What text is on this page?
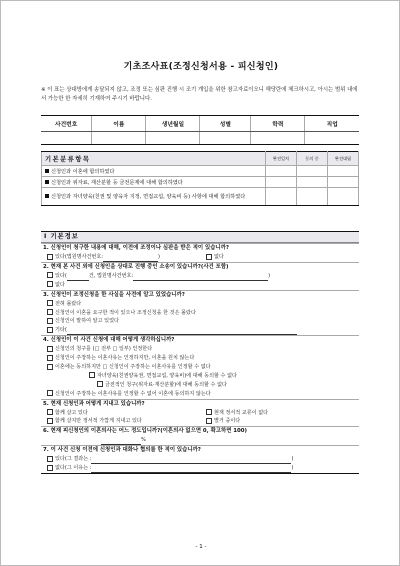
기초조사표(조정신청서용 - 피신청인)
※ 이 표는 상대방에게 송달되지 않고, 조정 또는 심판 진행 시 조기 개입을 위한 참고자료이오니 해당란에 체크하시고, 아시는 범위 내에서 가능한 한 자세히 기재하여 주시기 바랍니다.
사건번호	이름	생년월일	성별	학력	직업

기본분류항목	완전일치	동의 중	완전대립
신청인과 이혼에 합의하였다			
신청인과 위자료, 재산분할 등 금전문제에 대해 합의하였다			
신청인과 자녀양육(친권 및 양육자 지정, 면접교섭, 양육비 등) 사항에 대해 합의하였다			
Ⅰ 기본정보
1. 신청인이 청구한 내용에 대해, 이전에 조정이나 심판을 받은 적이 있습니까?
있다(법원명사건번호:	)	없다
2. 현재 본 사건 외에 신청인을 상대로 진행 중인 소송이 있습니까?(사건 포함)
있다(	건, 법원명사건번호:	)
없다
3. 신청인이 조정신청을 한 사실을 사전에 알고 있었습니까?
전혀 몰랐다
신청인이 이혼을 요구한 적이 있으나 조정신청을 한 것은 몰랐다
신청인이 말하여 알고 있었다
기타(
4. 신청인이 이 사건 신청에 대해 어떻게 생각하십니까?
신청인의 청구를 (□ 전부 □ 일부) 인정한다
신청인이 주장하는 이혼사유는 인정하지만, 이혼을 원치 않는다
이혼에는 동의하지만 □ 신청인이 주장하는 이혼사유를 인정할 수 없다
자녀양육(친권양육권, 면접교섭, 양육비)에 대해 동의할 수 없다
금전적인 청구(위자료·재산분할)에 대해 동의할 수 없다
신청인이 주장하는 이혼사유를 인정할 수 없어 이혼에 동의하지 않는다
5. 현재 신청인과 어떻게 지내고 있습니까?
함께 살고 있다	현재 정서적 교류이 없다
함께 살지만 정서적 가깝게 지내고 있다	별거 중이다
6. 현재 피신청인의 이혼의사는 어느 정도입니까?(이혼의사 없으면 0, 확고하면 100)
%
7. 이 사건 신청 이전에 신청인과 대화나 협의를 한 적이 있습니까?
있다(그 결과는 :	)
없다(그 이유는 :	)
- 1 -
